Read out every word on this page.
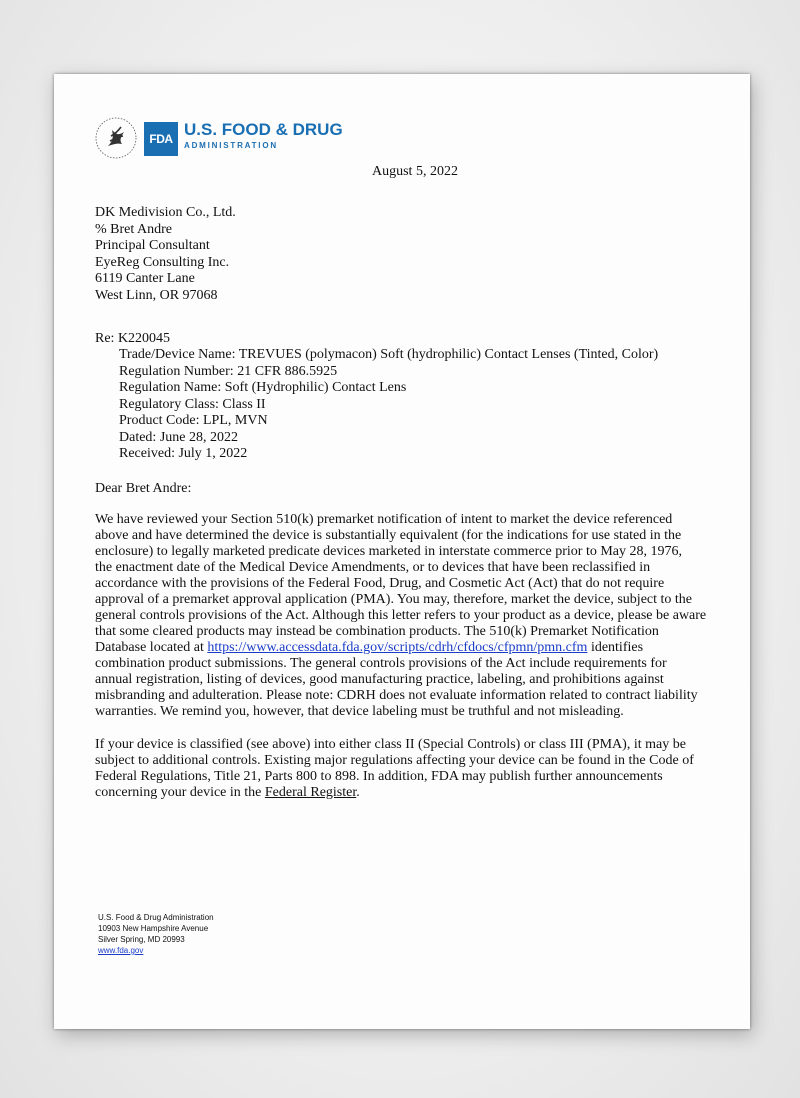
FDA U.S. FOOD & DRUG
ADMINISTRATION
August 5, 2022
DK Medivision Co., Ltd.
% Bret Andre
Principal Consultant
EyeReg Consulting Inc.
6119 Canter Lane
West Linn, OR 97068
Re: K220045
Trade/Device Name: TREVUES (polymacon) Soft (hydrophilic) Contact Lenses (Tinted, Color)
Regulation Number: 21 CFR 886.5925
Regulation Name: Soft (Hydrophilic) Contact Lens
Regulatory Class: Class II
Product Code: LPL, MVN
Dated: June 28, 2022
Received: July 1, 2022
Dear Bret Andre:
We have reviewed your Section 510(k) premarket notification of intent to market the device referenced
above and have determined the device is substantially equivalent (for the indications for use stated in the
enclosure) to legally marketed predicate devices marketed in interstate commerce prior to May 28, 1976,
the enactment date of the Medical Device Amendments, or to devices that have been reclassified in
accordance with the provisions of the Federal Food, Drug, and Cosmetic Act (Act) that do not require
approval of a premarket approval application (PMA). You may, therefore, market the device, subject to the
general controls provisions of the Act. Although this letter refers to your product as a device, please be aware
that some cleared products may instead be combination products. The 510(k) Premarket Notification
Database located at https://www.accessdata.fda.gov/scripts/cdrh/cfdocs/cfpmn/pmn.cfm identifies
combination product submissions. The general controls provisions of the Act include requirements for
annual registration, listing of devices, good manufacturing practice, labeling, and prohibitions against
misbranding and adulteration. Please note: CDRH does not evaluate information related to contract liability
warranties. We remind you, however, that device labeling must be truthful and not misleading.
If your device is classified (see above) into either class II (Special Controls) or class III (PMA), it may be
subject to additional controls. Existing major regulations affecting your device can be found in the Code of
Federal Regulations, Title 21, Parts 800 to 898. In addition, FDA may publish further announcements
concerning your device in the Federal Register.
U.S. Food & Drug Administration
10903 New Hampshire Avenue
Silver Spring, MD 20993
www.fda.gov
